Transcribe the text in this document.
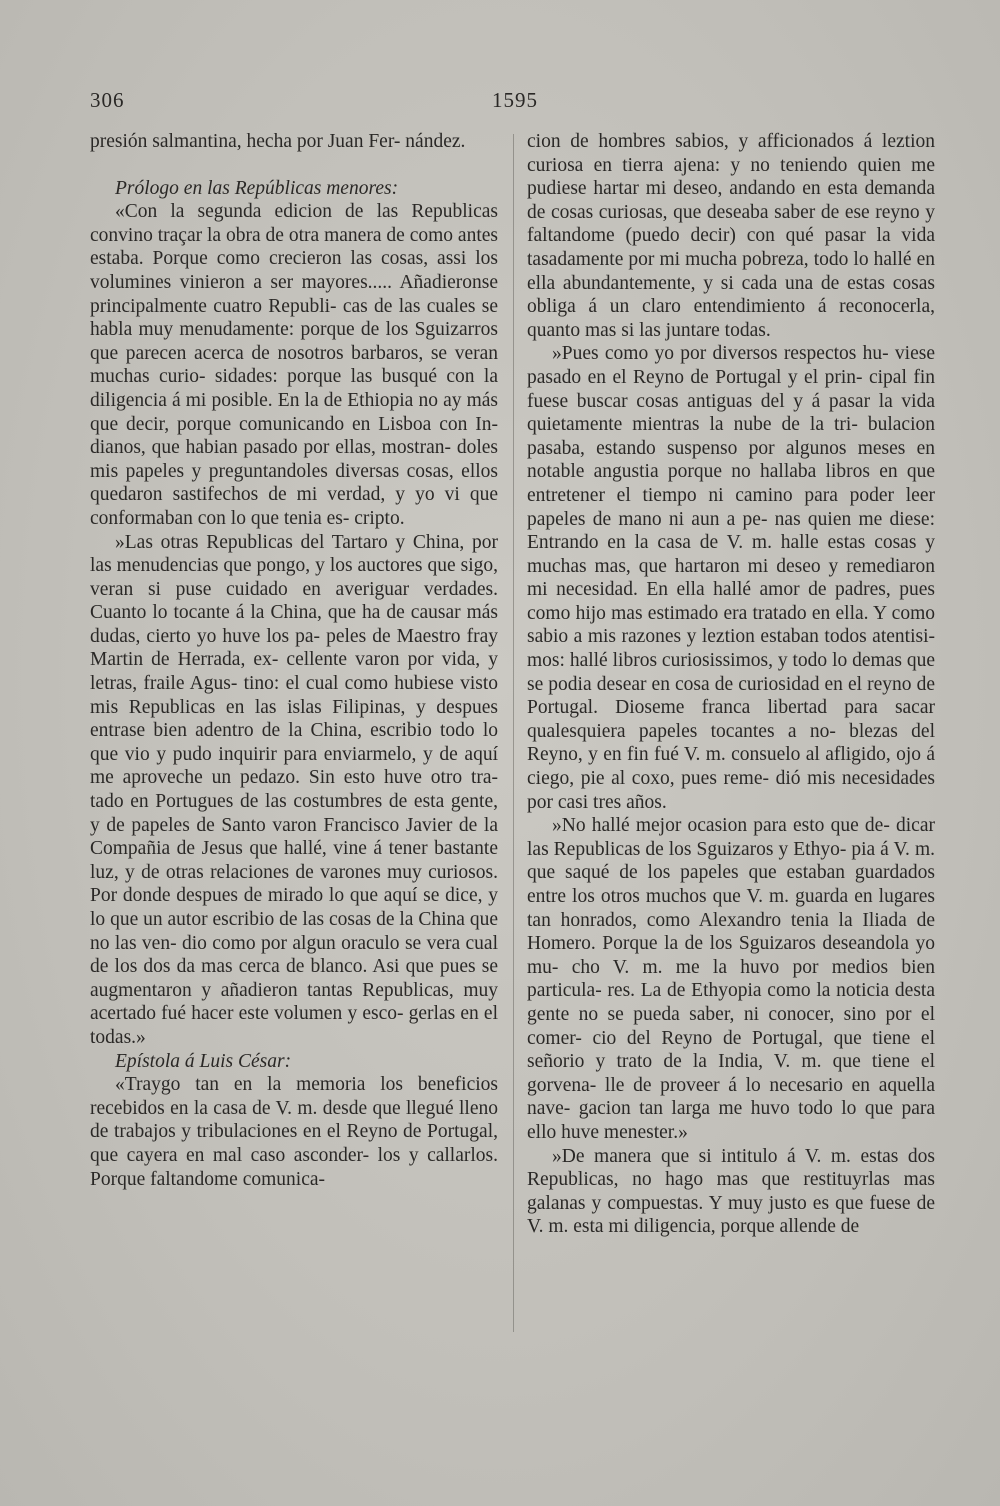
306	1595

presión salmantina, hecha por Juan Fer- nández.

Prólogo en las Repúblicas menores:

«Con la segunda edicion de las Republicas convino traçar la obra de otra manera de como antes estaba. Porque como crecieron las cosas, assi los volumines vinieron a ser mayores..... Añadieronse principalmente cuatro Republi- cas de las cuales se habla muy menudamente: porque de los Sguizarros que parecen acerca de nosotros barbaros, se veran muchas curio- sidades: porque las busqué con la diligencia á mi posible. En la de Ethiopia no ay más que decir, porque comunicando en Lisboa con In- dianos, que habian pasado por ellas, mostran- doles mis papeles y preguntandoles diversas cosas, ellos quedaron sastifechos de mi verdad, y yo vi que conformaban con lo que tenia es- cripto.

»Las otras Republicas del Tartaro y China, por las menudencias que pongo, y los auctores que sigo, veran si puse cuidado en averiguar verdades. Cuanto lo tocante á la China, que ha de causar más dudas, cierto yo huve los pa- peles de Maestro fray Martin de Herrada, ex- cellente varon por vida, y letras, fraile Agus- tino: el cual como hubiese visto mis Republicas en las islas Filipinas, y despues entrase bien adentro de la China, escribio todo lo que vio y pudo inquirir para enviarmelo, y de aquí me aproveche un pedazo. Sin esto huve otro tra- tado en Portugues de las costumbres de esta gente, y de papeles de Santo varon Francisco Javier de la Compañia de Jesus que hallé, vine á tener bastante luz, y de otras relaciones de varones muy curiosos. Por donde despues de mirado lo que aquí se dice, y lo que un autor escribio de las cosas de la China que no las ven- dio como por algun oraculo se vera cual de los dos da mas cerca de blanco. Asi que pues se augmentaron y añadieron tantas Republicas, muy acertado fué hacer este volumen y esco- gerlas en el todas.»

Epístola á Luis César:

«Traygo tan en la memoria los beneficios recebidos en la casa de V. m. desde que llegué lleno de trabajos y tribulaciones en el Reyno de Portugal, que cayera en mal caso asconder- los y callarlos. Porque faltandome comunica-

cion de hombres sabios, y afficionados á leztion curiosa en tierra ajena: y no teniendo quien me pudiese hartar mi deseo, andando en esta demanda de cosas curiosas, que deseaba saber de ese reyno y faltandome (puedo decir) con qué pasar la vida tasadamente por mi mucha pobreza, todo lo hallé en ella abundantemente, y si cada una de estas cosas obliga á un claro entendimiento á reconocerla, quanto mas si las juntare todas.

»Pues como yo por diversos respectos hu- viese pasado en el Reyno de Portugal y el prin- cipal fin fuese buscar cosas antiguas del y á pasar la vida quietamente mientras la nube de la tri- bulacion pasaba, estando suspenso por algunos meses en notable angustia porque no hallaba libros en que entretener el tiempo ni camino para poder leer papeles de mano ni aun a pe- nas quien me diese: Entrando en la casa de V. m. halle estas cosas y muchas mas, que hartaron mi deseo y remediaron mi necesidad. En ella hallé amor de padres, pues como hijo mas estimado era tratado en ella. Y como sabio a mis razones y leztion estaban todos atentisi- mos: hallé libros curiosissimos, y todo lo demas que se podia desear en cosa de curiosidad en el reyno de Portugal. Dioseme franca libertad para sacar qualesquiera papeles tocantes a no- blezas del Reyno, y en fin fué V. m. consuelo al afligido, ojo á ciego, pie al coxo, pues reme- dió mis necesidades por casi tres años.

»No hallé mejor ocasion para esto que de- dicar las Republicas de los Sguizaros y Ethyo- pia á V. m. que saqué de los papeles que estaban guardados entre los otros muchos que V. m. guarda en lugares tan honrados, como Alexandro tenia la Iliada de Homero. Porque la de los Sguizaros deseandola yo mu- cho V. m. me la huvo por medios bien particula- res. La de Ethyopia como la noticia desta gente no se pueda saber, ni conocer, sino por el comer- cio del Reyno de Portugal, que tiene el señorio y trato de la India, V. m. que tiene el gorvena- lle de proveer á lo necesario en aquella nave- gacion tan larga me huvo todo lo que para ello huve menester.»

»De manera que si intitulo á V. m. estas dos Republicas, no hago mas que restituyrlas mas galanas y compuestas. Y muy justo es que fuese de V. m. esta mi diligencia, porque allende de
